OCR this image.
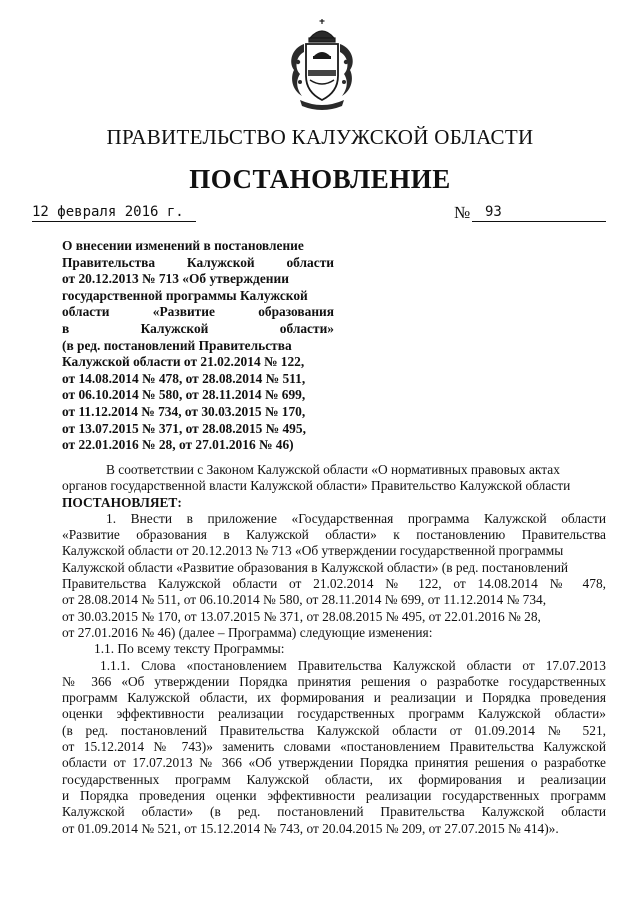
ПРАВИТЕЛЬСТВО КАЛУЖСКОЙ ОБЛАСТИ
ПОСТАНОВЛЕНИЕ
12 февраля 2016 г.	№ 93
О внесении изменений в постановление
Правительства Калужской области
от 20.12.2013 № 713 «Об утверждении
государственной программы Калужской
области «Развитие образования
в Калужской области»
(в ред. постановлений Правительства
Калужской области от 21.02.2014 № 122,
от 14.08.2014 № 478, от 28.08.2014 № 511,
от 06.10.2014 № 580, от 28.11.2014 № 699,
от 11.12.2014 № 734, от 30.03.2015 № 170,
от 13.07.2015 № 371, от 28.08.2015 № 495,
от 22.01.2016 № 28, от 27.01.2016 № 46)
В соответствии с Законом Калужской области «О нормативных правовых актах
органов государственной власти Калужской области» Правительство Калужской области
ПОСТАНОВЛЯЕТ:
1. Внести в приложение «Государственная программа Калужской области
«Развитие образования в Калужской области» к постановлению Правительства
Калужской области от 20.12.2013 № 713 «Об утверждении государственной программы
Калужской области «Развитие образования в Калужской области» (в ред. постановлений
Правительства Калужской области от 21.02.2014 № 122, от 14.08.2014 № 478,
от 28.08.2014 № 511, от 06.10.2014 № 580, от 28.11.2014 № 699, от 11.12.2014 № 734,
от 30.03.2015 № 170, от 13.07.2015 № 371, от 28.08.2015 № 495, от 22.01.2016 № 28,
от 27.01.2016 № 46) (далее – Программа) следующие изменения:
1.1. По всему тексту Программы:
1.1.1. Слова «постановлением Правительства Калужской области от 17.07.2013
№ 366 «Об утверждении Порядка принятия решения о разработке государственных
программ Калужской области, их формирования и реализации и Порядка проведения
оценки эффективности реализации государственных программ Калужской области»
(в ред. постановлений Правительства Калужской области от 01.09.2014 № 521,
от 15.12.2014 № 743)» заменить словами «постановлением Правительства Калужской
области от 17.07.2013 № 366 «Об утверждении Порядка принятия решения о разработке
государственных программ Калужской области, их формирования и реализации
и Порядка проведения оценки эффективности реализации государственных программ
Калужской области» (в ред. постановлений Правительства Калужской области
от 01.09.2014 № 521, от 15.12.2014 № 743, от 20.04.2015 № 209, от 27.07.2015 № 414)».
